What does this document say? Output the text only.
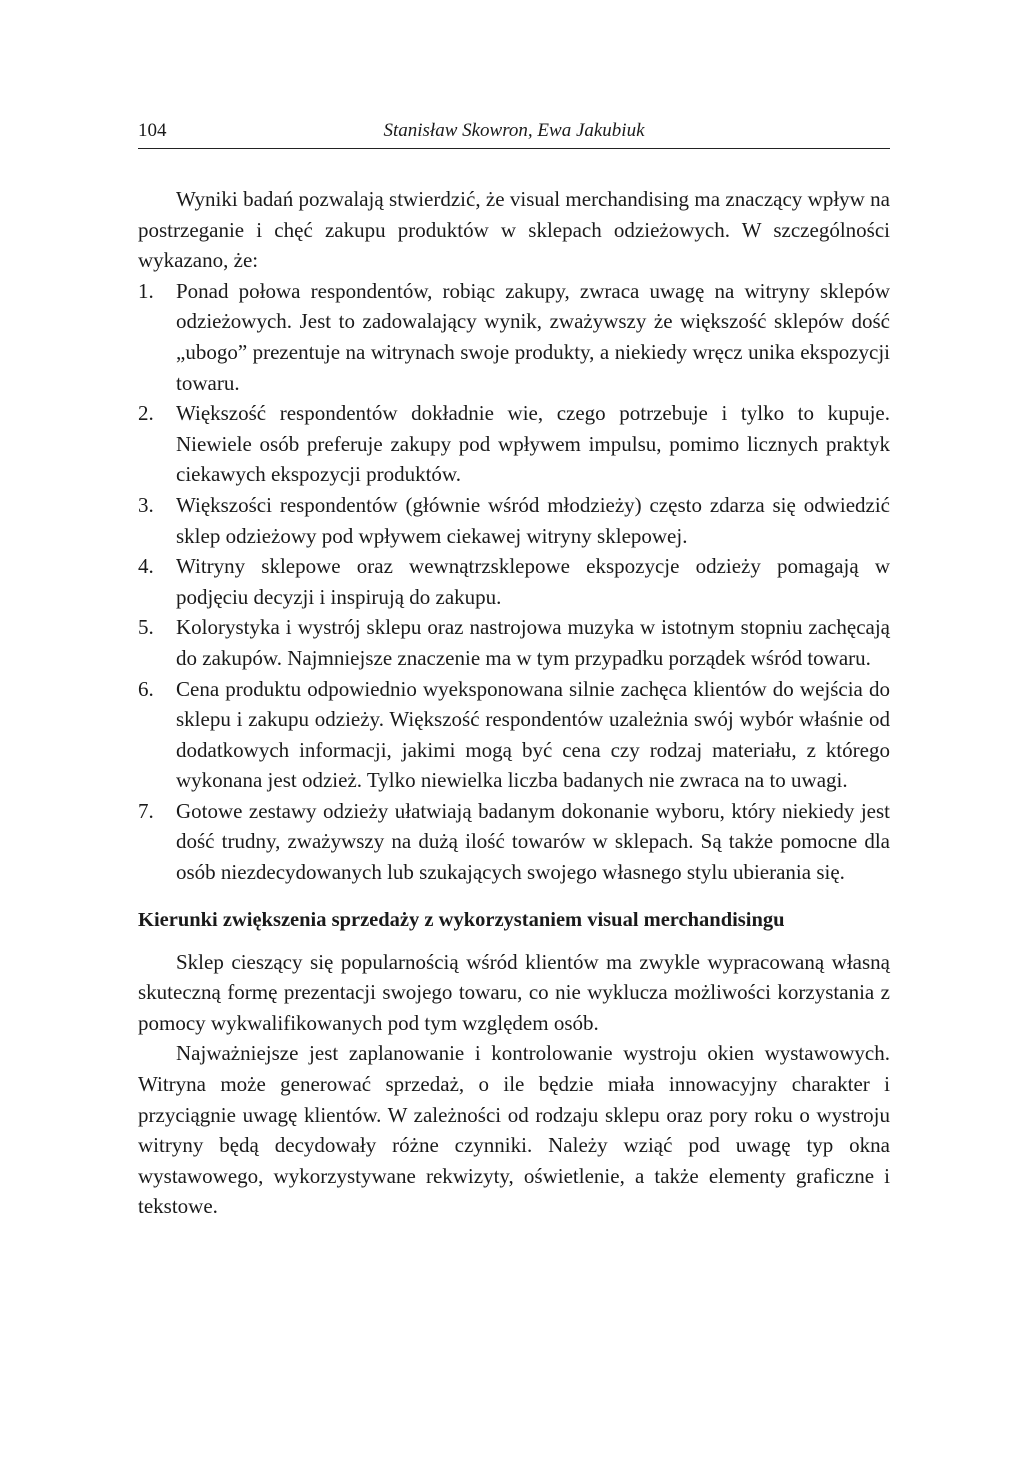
104	Stanisław Skowron, Ewa Jakubiuk

Wyniki badań pozwalają stwierdzić, że visual merchandising ma znaczący wpływ na postrzeganie i chęć zakupu produktów w sklepach odzieżowych. W szczególności wykazano, że:

1.	Ponad połowa respondentów, robiąc zakupy, zwraca uwagę na witryny sklepów odzieżowych. Jest to zadowalający wynik, zważywszy że większość sklepów dość „ubogo” prezentuje na witrynach swoje produkty, a niekiedy wręcz unika ekspozycji towaru.
2.	Większość respondentów dokładnie wie, czego potrzebuje i tylko to kupuje. Niewiele osób preferuje zakupy pod wpływem impulsu, pomimo licznych praktyk ciekawych ekspozycji produktów.
3.	Większości respondentów (głównie wśród młodzieży) często zdarza się odwiedzić sklep odzieżowy pod wpływem ciekawej witryny sklepowej.
4.	Witryny sklepowe oraz wewnątrzsklepowe ekspozycje odzieży pomagają w podjęciu decyzji i inspirują do zakupu.
5.	Kolorystyka i wystrój sklepu oraz nastrojowa muzyka w istotnym stopniu zachęcają do zakupów. Najmniejsze znaczenie ma w tym przypadku porządek wśród towaru.
6.	Cena produktu odpowiednio wyeksponowana silnie zachęca klientów do wejścia do sklepu i zakupu odzieży. Większość respondentów uzależnia swój wybór właśnie od dodatkowych informacji, jakimi mogą być cena czy rodzaj materiału, z którego wykonana jest odzież. Tylko niewielka liczba badanych nie zwraca na to uwagi.
7.	Gotowe zestawy odzieży ułatwiają badanym dokonanie wyboru, który niekiedy jest dość trudny, zważywszy na dużą ilość towarów w sklepach. Są także pomocne dla osób niezdecydowanych lub szukających swojego własnego stylu ubierania się.
Kierunki zwiększenia sprzedaży z wykorzystaniem visual merchandisingu

Sklep cieszący się popularnością wśród klientów ma zwykle wypracowaną własną skuteczną formę prezentacji swojego towaru, co nie wyklucza możliwości korzystania z pomocy wykwalifikowanych pod tym względem osób.

Najważniejsze jest zaplanowanie i kontrolowanie wystroju okien wystawowych. Witryna może generować sprzedaż, o ile będzie miała innowacyjny charakter i przyciągnie uwagę klientów. W zależności od rodzaju sklepu oraz pory roku o wystroju witryny będą decydowały różne czynniki. Należy wziąć pod uwagę typ okna wystawowego, wykorzystywane rekwizyty, oświetlenie, a także elementy graficzne i tekstowe.
